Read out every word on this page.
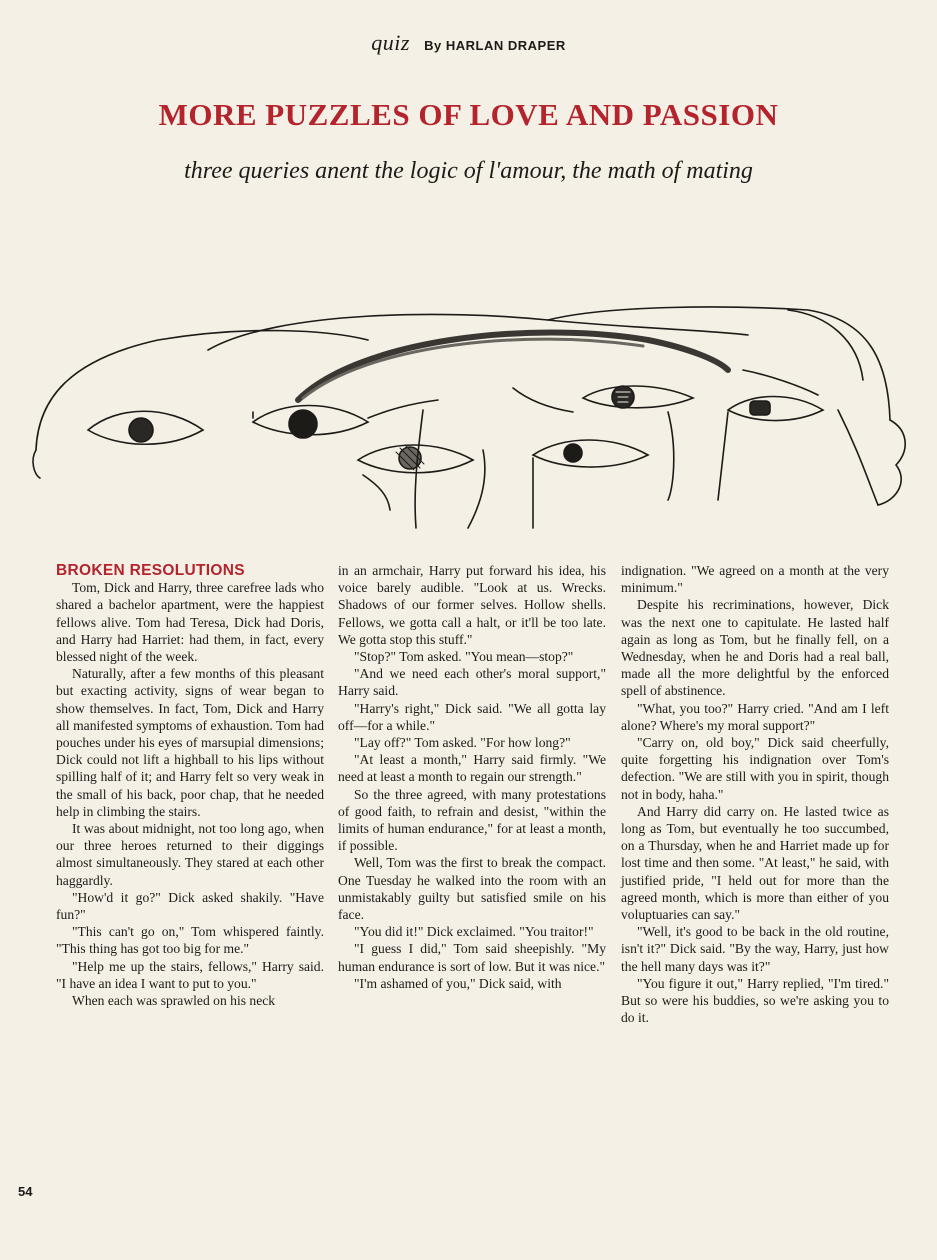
quiz By HARLAN DRAPER
MORE PUZZLES OF LOVE AND PASSION
three queries anent the logic of l'amour, the math of mating

BROKEN RESOLUTIONS

Tom, Dick and Harry, three carefree lads who shared a bachelor apartment, were the happiest fellows alive. Tom had Teresa, Dick had Doris, and Harry had Harriet: had them, in fact, every blessed night of the week.

Naturally, after a few months of this pleasant but exacting activity, signs of wear began to show themselves. In fact, Tom, Dick and Harry all manifested symptoms of exhaustion. Tom had pouches under his eyes of marsupial dimensions; Dick could not lift a highball to his lips without spilling half of it; and Harry felt so very weak in the small of his back, poor chap, that he needed help in climbing the stairs.

It was about midnight, not too long ago, when our three heroes returned to their diggings almost simultaneously. They stared at each other haggardly.

"How'd it go?" Dick asked shakily. "Have fun?"

"This can't go on," Tom whispered faintly. "This thing has got too big for me."

"Help me up the stairs, fellows," Harry said. "I have an idea I want to put to you."

When each was sprawled on his neck

in an armchair, Harry put forward his idea, his voice barely audible. "Look at us. Wrecks. Shadows of our former selves. Hollow shells. Fellows, we gotta call a halt, or it'll be too late. We gotta stop this stuff."

"Stop?" Tom asked. "You mean—stop?"

"And we need each other's moral support," Harry said.

"Harry's right," Dick said. "We all gotta lay off—for a while."

"Lay off?" Tom asked. "For how long?"

"At least a month," Harry said firmly. "We need at least a month to regain our strength."

So the three agreed, with many protestations of good faith, to refrain and desist, "within the limits of human endurance," for at least a month, if possible.

Well, Tom was the first to break the compact. One Tuesday he walked into the room with an unmistakably guilty but satisfied smile on his face.

"You did it!" Dick exclaimed. "You traitor!"

"I guess I did," Tom said sheepishly. "My human endurance is sort of low. But it was nice."

"I'm ashamed of you," Dick said, with

indignation. "We agreed on a month at the very minimum."

Despite his recriminations, however, Dick was the next one to capitulate. He lasted half again as long as Tom, but he finally fell, on a Wednesday, when he and Doris had a real ball, made all the more delightful by the enforced spell of abstinence.

"What, you too?" Harry cried. "And am I left alone? Where's my moral support?"

"Carry on, old boy," Dick said cheerfully, quite forgetting his indignation over Tom's defection. "We are still with you in spirit, though not in body, haha."

And Harry did carry on. He lasted twice as long as Tom, but eventually he too succumbed, on a Thursday, when he and Harriet made up for lost time and then some. "At least," he said, with justified pride, "I held out for more than the agreed month, which is more than either of you voluptuaries can say."

"Well, it's good to be back in the old routine, isn't it?" Dick said. "By the way, Harry, just how the hell many days was it?"

"You figure it out," Harry replied, "I'm tired." But so were his buddies, so we're asking you to do it.

54
